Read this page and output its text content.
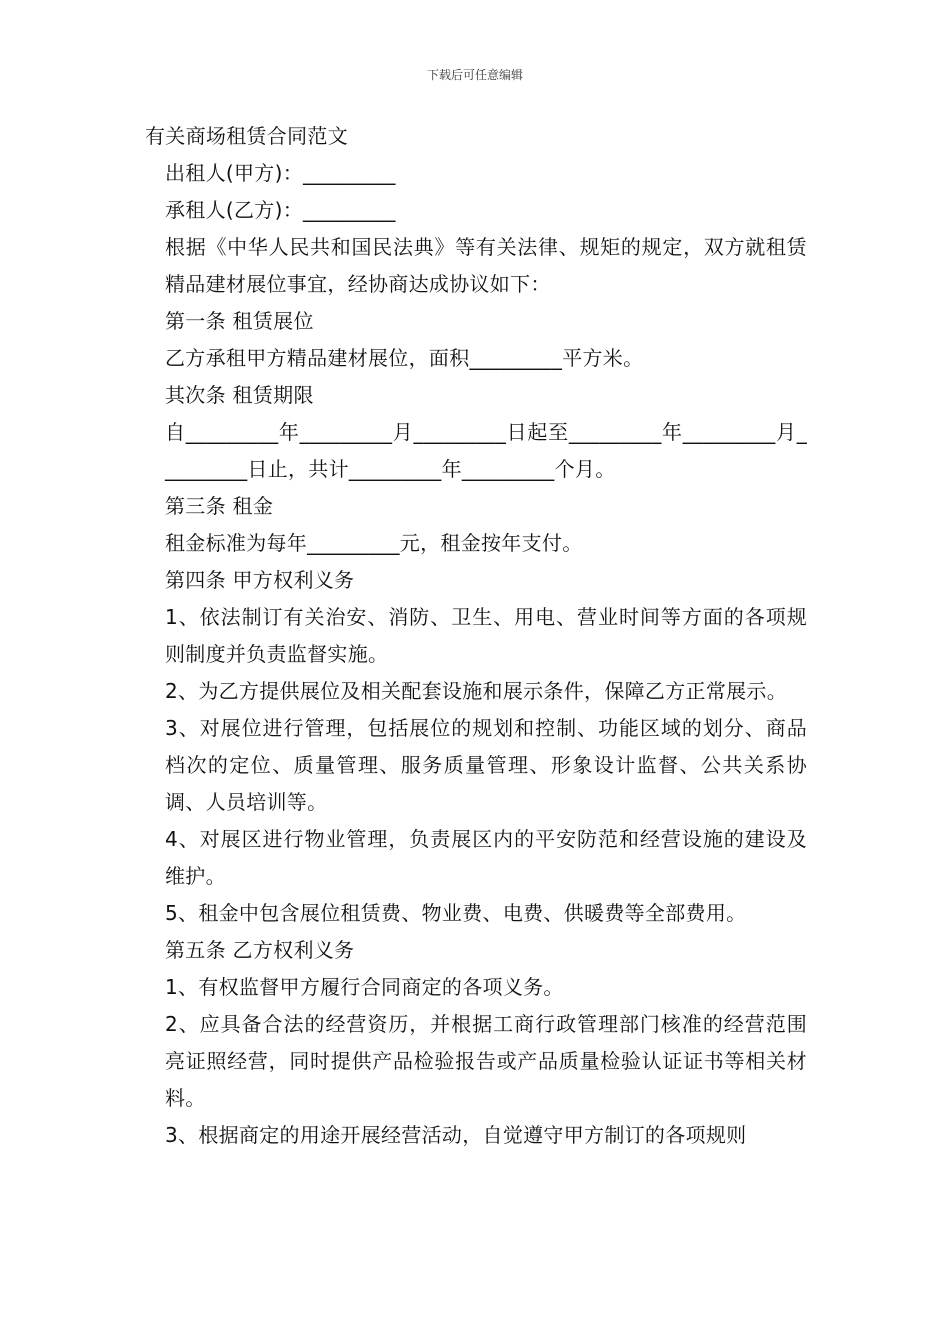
下载后可任意编辑

有关商场租赁合同范文

出租人(甲方)：_________

承租人(乙方)：_________

根据《中华人民共和国民法典》等有关法律、规矩的规定，双方就租赁精品建材展位事宜，经协商达成协议如下：

第一条 租赁展位

乙方承租甲方精品建材展位，面积_________平方米。

其次条 租赁期限

自_________年_________月_________日起至_________年_________月_________日止，共计_________年_________个月。

第三条 租金

租金标准为每年_________元，租金按年支付。

第四条 甲方权利义务

1、依法制订有关治安、消防、卫生、用电、营业时间等方面的各项规则制度并负责监督实施。

2、为乙方提供展位及相关配套设施和展示条件，保障乙方正常展示。

3、对展位进行管理，包括展位的规划和控制、功能区域的划分、商品档次的定位、质量管理、服务质量管理、形象设计监督、公共关系协调、人员培训等。

4、对展区进行物业管理，负责展区内的平安防范和经营设施的建设及维护。

5、租金中包含展位租赁费、物业费、电费、供暖费等全部费用。

第五条 乙方权利义务

1、有权监督甲方履行合同商定的各项义务。

2、应具备合法的经营资历，并根据工商行政管理部门核准的经营范围亮证照经营，同时提供产品检验报告或产品质量检验认证证书等相关材料。

3、根据商定的用途开展经营活动，自觉遵守甲方制订的各项规则
